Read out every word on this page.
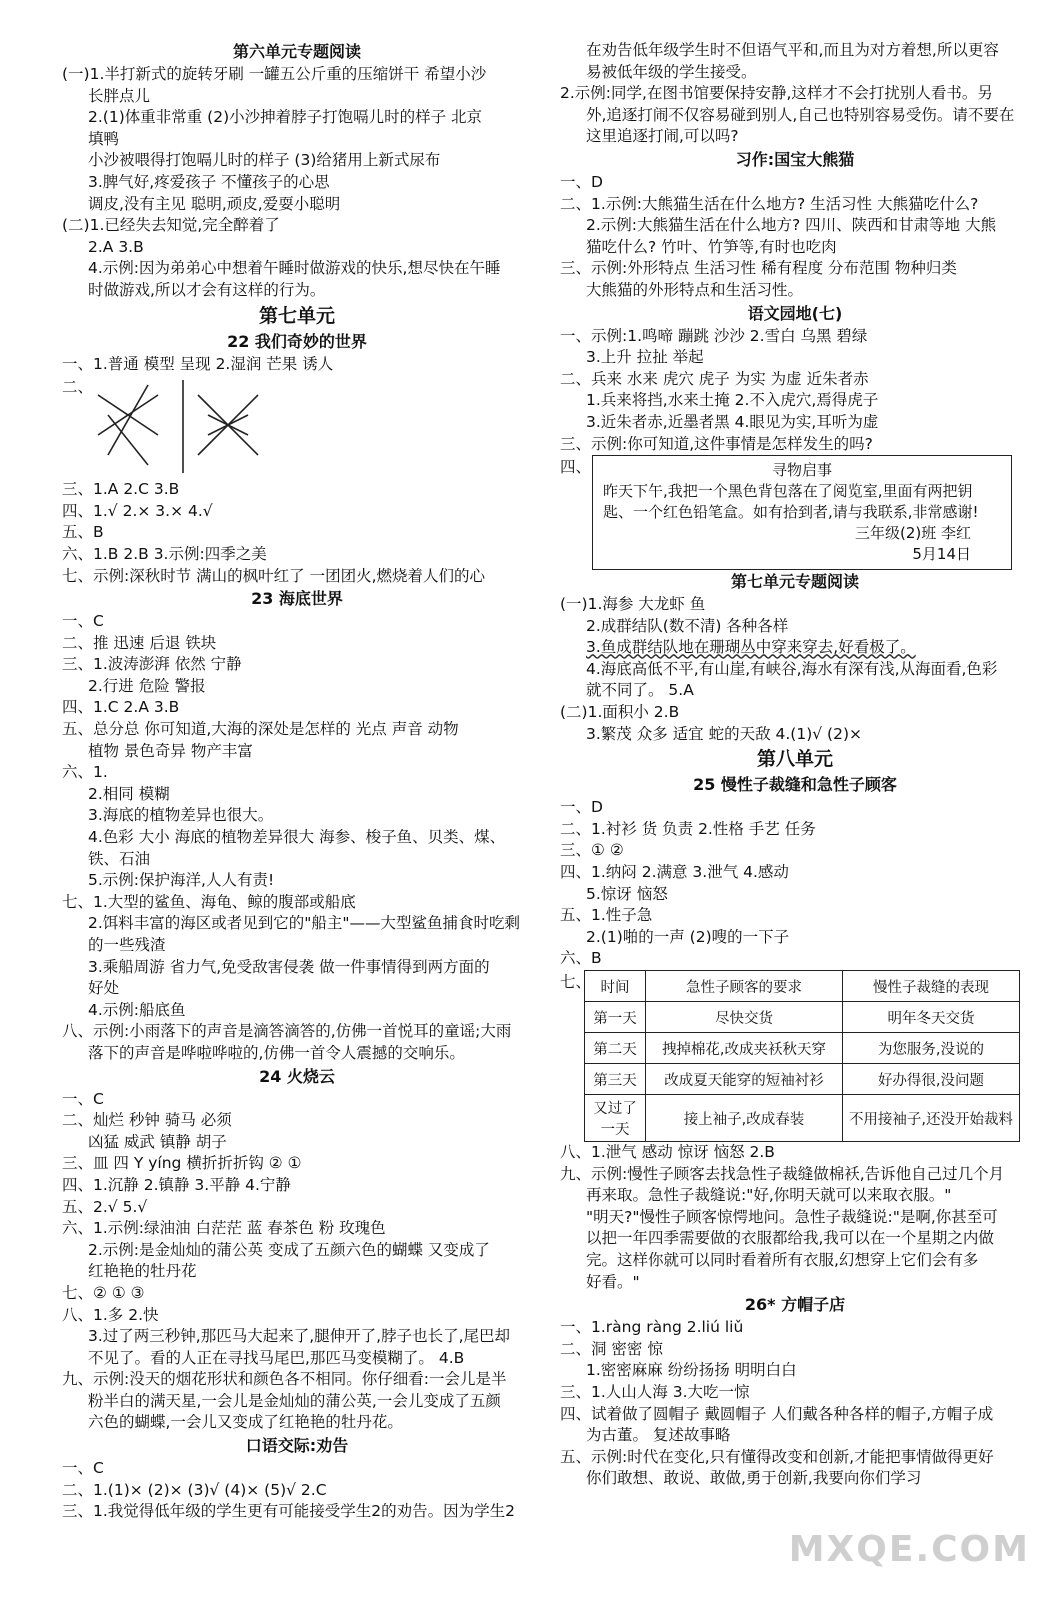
第六单元专题阅读
(一)1.半打新式的旋转牙刷 一罐五公斤重的压缩饼干 希望小沙
长胖点儿
2.(1)体重非常重 (2)小沙抻着脖子打饱嗝儿时的样子 北京
填鸭
小沙被喂得打饱嗝儿时的样子 (3)给猪用上新式尿布
3.脾气好,疼爱孩子 不懂孩子的心思
调皮,没有主见 聪明,顽皮,爱耍小聪明
(二)1.已经失去知觉,完全醉着了
2.A 3.B
4.示例:因为弟弟心中想着午睡时做游戏的快乐,想尽快在午睡
时做游戏,所以才会有这样的行为。
第七单元
22 我们奇妙的世界
一、1.普通 模型 呈现 2.湿润 芒果 诱人
二、
三、1.A 2.C 3.B
四、1.√ 2.× 3.× 4.√
五、B
六、1.B 2.B 3.示例:四季之美
七、示例:深秋时节 满山的枫叶红了 一团团火,燃烧着人们的心
23 海底世界
一、C
二、推 迅速 后退 铁块
三、1.波涛澎湃 依然 宁静
2.行进 危险 警报
四、1.C 2.A 3.B
五、总分总 你可知道,大海的深处是怎样的 光点 声音 动物
植物 景色奇异 物产丰富
六、1.
2.相同 模糊
3.海底的植物差异也很大。
4.色彩 大小 海底的植物差异很大 海参、梭子鱼、贝类、煤、
铁、石油
5.示例:保护海洋,人人有责!
七、1.大型的鲨鱼、海龟、鲸的腹部或船底
2.饵料丰富的海区或者见到它的"船主"——大型鲨鱼捕食时吃剩
的一些残渣
3.乘船周游 省力气,免受敌害侵袭 做一件事情得到两方面的
好处
4.示例:船底鱼
八、示例:小雨落下的声音是滴答滴答的,仿佛一首悦耳的童谣;大雨
落下的声音是哗啦哗啦的,仿佛一首令人震撼的交响乐。
24 火烧云
一、C
二、灿烂 秒钟 骑马 必须
凶猛 威武 镇静 胡子
三、皿 四 Y yíng 横折折折钩 ② ①
四、1.沉静 2.镇静 3.平静 4.宁静
五、2.√ 5.√
六、1.示例:绿油油 白茫茫 蓝 春茶色 粉 玫瑰色
2.示例:是金灿灿的蒲公英 变成了五颜六色的蝴蝶 又变成了
红艳艳的牡丹花
七、② ① ③
八、1.多 2.快
3.过了两三秒钟,那匹马大起来了,腿伸开了,脖子也长了,尾巴却
不见了。看的人正在寻找马尾巴,那匹马变模糊了。 4.B
九、示例:没天的烟花形状和颜色各不相同。你仔细看:一会儿是半
粉半白的满天星,一会儿是金灿灿的蒲公英,一会儿变成了五颜
六色的蝴蝶,一会儿又变成了红艳艳的牡丹花。
口语交际:劝告
一、C
二、1.(1)× (2)× (3)√ (4)× (5)√ 2.C
三、1.我觉得低年级的学生更有可能接受学生2的劝告。因为学生2
在劝告低年级学生时不但语气平和,而且为对方着想,所以更容
易被低年级的学生接受。
2.示例:同学,在图书馆要保持安静,这样才不会打扰别人看书。另
外,追逐打闹不仅容易碰到别人,自己也特别容易受伤。请不要在
这里追逐打闹,可以吗?
习作:国宝大熊猫
一、D
二、1.示例:大熊猫生活在什么地方? 生活习性 大熊猫吃什么?
2.示例:大熊猫生活在什么地方? 四川、陕西和甘肃等地 大熊
猫吃什么? 竹叶、竹笋等,有时也吃肉
三、示例:外形特点 生活习性 稀有程度 分布范围 物种归类
大熊猫的外形特点和生活习性。
语文园地(七)
一、示例:1.鸣啼 蹦跳 沙沙 2.雪白 乌黑 碧绿
3.上升 拉扯 举起
二、兵来 水来 虎穴 虎子 为实 为虚 近朱者赤
1.兵来将挡,水来土掩 2.不入虎穴,焉得虎子
3.近朱者赤,近墨者黑 4.眼见为实,耳听为虚
三、示例:你可知道,这件事情是怎样发生的吗?
四、	寻物启事
昨天下午,我把一个黑色背包落在了阅览室,里面有两把钥匙、一个红色铅笔盒。如有拾到者,请与我联系,非常感谢!
三年级(2)班 李红
5月14日
第七单元专题阅读
(一)1.海参 大龙虾 鱼
2.成群结队(数不清) 各种各样
3.鱼成群结队地在珊瑚丛中穿来穿去,好看极了。
4.海底高低不平,有山崖,有峡谷,海水有深有浅,从海面看,色彩
就不同了。 5.A
(二)1.面积小 2.B
3.繁茂 众多 适宜 蛇的天敌 4.(1)√ (2)×
第八单元
25 慢性子裁缝和急性子顾客
一、D
二、1.衬衫 货 负责 2.性格 手艺 任务
三、① ②
四、1.纳闷 2.满意 3.泄气 4.感动
5.惊讶 恼怒
五、1.性子急
2.(1)啪的一声 (2)嗖的一下子
六、B
七、 时间	急性子顾客的要求	慢性子裁缝的表现
第一天	尽快交货	明年冬天交货
第二天	拽掉棉花,改成夹袄秋天穿	为您服务,没说的
第三天	改成夏天能穿的短袖衬衫	好办得很,没问题
又过了一天	接上袖子,改成春装	不用接袖子,还没开始裁料
八、1.泄气 感动 惊讶 恼怒 2.B
九、示例:慢性子顾客去找急性子裁缝做棉袄,告诉他自己过几个月
再来取。急性子裁缝说:"好,你明天就可以来取衣服。"
"明天?"慢性子顾客惊愕地问。急性子裁缝说:"是啊,你甚至可
以把一年四季需要做的衣服都给我,我可以在一个星期之内做
完。这样你就可以同时看着所有衣服,幻想穿上它们会有多
好看。"
26* 方帽子店
一、1.ràng ràng 2.liú liǔ
二、洞 密密 惊
1.密密麻麻 纷纷扬扬 明明白白
三、1.人山人海 3.大吃一惊
四、试着做了圆帽子 戴圆帽子 人们戴各种各样的帽子,方帽子成
为古董。 复述故事略
五、示例:时代在变化,只有懂得改变和创新,才能把事情做得更好
你们敢想、敢说、敢做,勇于创新,我要向你们学习
MXQE.COM
